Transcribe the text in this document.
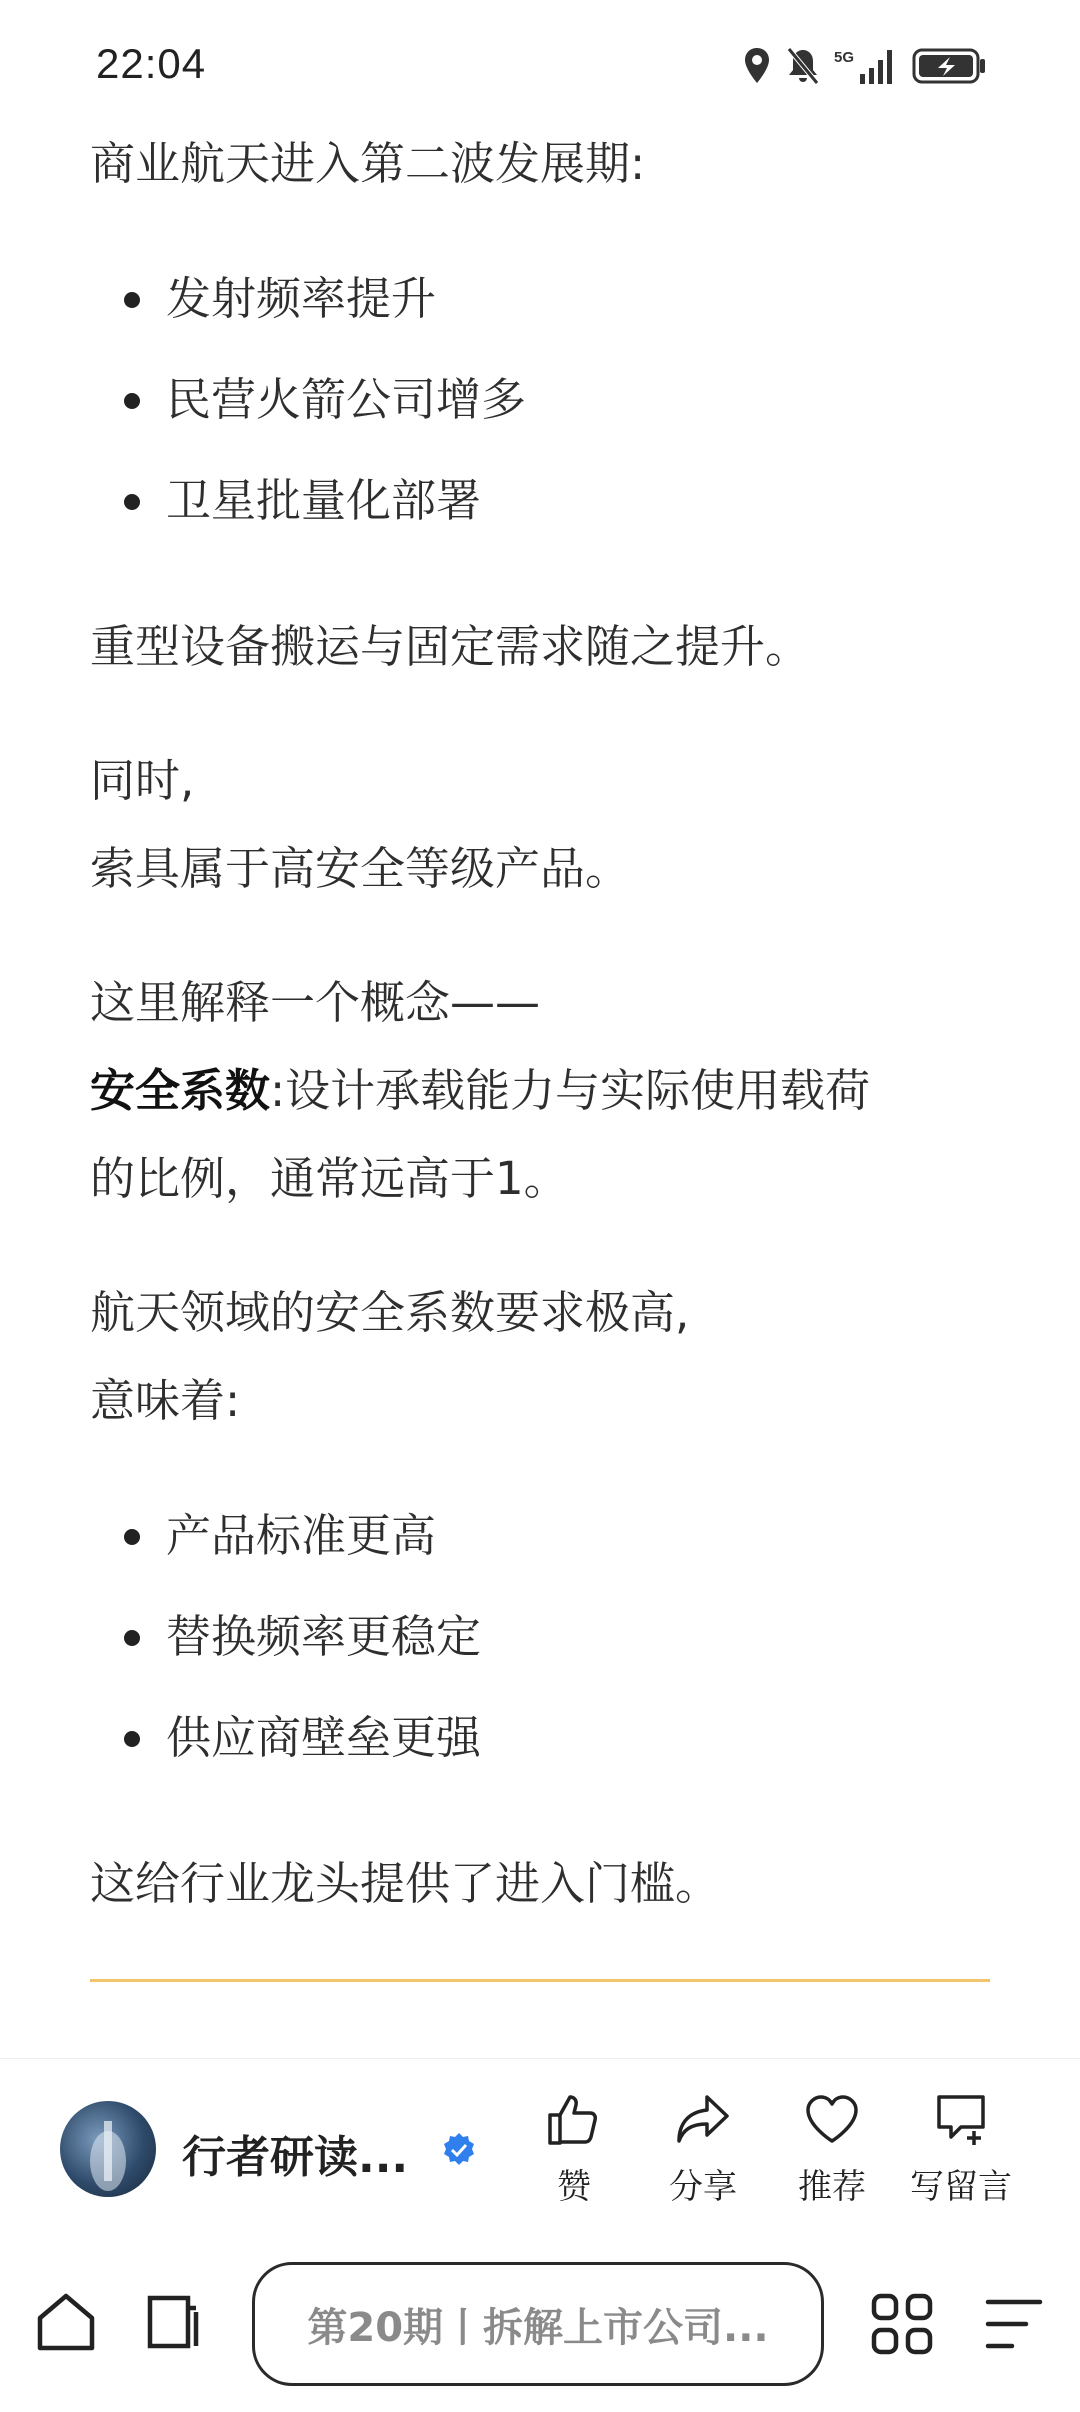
22:04	5G

商业航天进入第二波发展期:

发射频率提升
民营火箭公司增多
卫星批量化部署

重型设备搬运与固定需求随之提升。

同时,

索具属于高安全等级产品。

这里解释一个概念——

安全系数:设计承载能力与实际使用载荷

的比例，通常远高于1。

航天领域的安全系数要求极高,

意味着:

产品标准更高
替换频率更稳定
供应商壁垒更强

这给行业龙头提供了进入门槛。

行者研读...
赞	分享	推荐	写留言
第20期丨拆解上市公司...
